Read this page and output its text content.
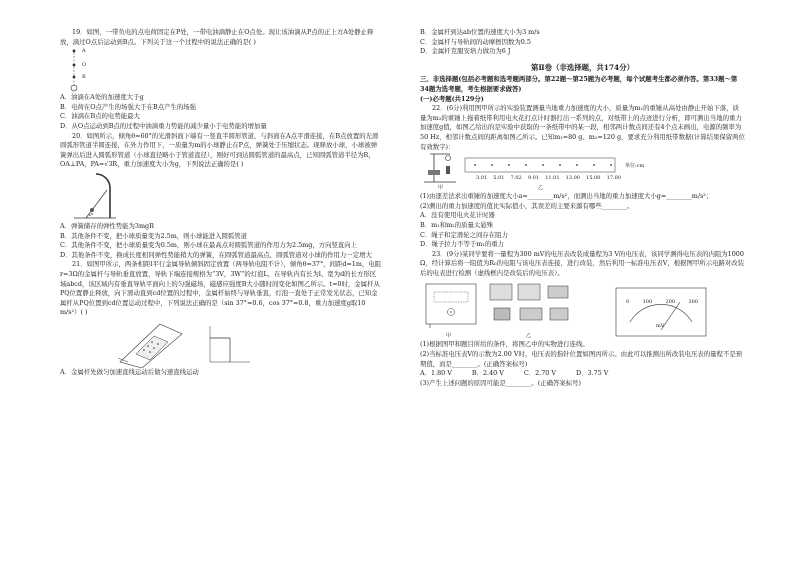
19．如图，一带负电的点电荷固定在P处，一带电油滴静止在O点处。现让该油滴从P点的正上方A处静止释放，滴过O点后运动到B点。下列关于这一个过程中的说法正确的是( )

–
A
O
B

A．油滴在A处的加速度大于g

B．电荷在O点产生的场强大于在B点产生的场强

C．油滴在B点的电势能最大

D．从O点运动到B点的过程中油滴重力势能的减少量小于电势能的增加量

20．如图所示，倾角θ=60°的光滑斜面下端有一竖直半圆形管道，与斜面在A点平滑连接，在B点放置的光滑圆弧形管道半圆连接，在外力作用下，一质量为m的小球静止在P点，弹簧处于压缩状态。现释放小球，小球被弹簧弹出后进入圆弧形管道（小球直径略小于管道直径），刚好可到达圆弧管道的最高点，已知圆弧管道半径为R，OA⊥PA，PA=√3R，重力加速度大小为g，下列说法正确的是( )

A．弹簧储存的弹性势能为3mgR

B．其他条件不变，把小球质量变为2.5m，则小球能进入圆弧管道

C．其他条件不变，把小球质量变为0.5m，则小球在最高点对圆弧管道的作用力为2.5mg，方向竖直向上

D．其他条件不变，换成长度相同弹性势能稍大的弹簧，在圆弧管道最高点，圆弧管道对小球的作用力一定增大

21．如图甲所示，两条相距l平行金属导轨倾斜固定放置（两导轨电阻不计），倾角θ=37°，间距d=1m，电阻r=3Ω的金属杆与导轨垂直放置，导轨下端连接规格为“3V，3W”的灯泡L，在导轨内有长为l、宽为d的长方形区域abcd，该区域内有垂直导轨平面向上的匀强磁场，磁感应强度B大小随时间变化如图乙所示。t=0时，金属杆从PQ位置静止释放，向下滑动直到cd位置的过程中，金属杆始终与导轨垂直，灯泡一直处于正常发光状态，已知金属杆从PQ位置到cd位置运动过程中，下列说法正确的是（sin 37°=0.6，cos 37°=0.8，重力加速度g取10 m/s²）( )

A．金属杆先做匀加速直线运动后做匀速直线运动

B．金属杆到达ab位置的速度大小为3 m/s

C．金属杆与导轨间的动摩擦因数为0.5

D．金属杆克服安培力做功为6 J

第Ⅱ卷（非选择题，共174分）

三、非选择题(包括必考题和选考题两部分。第22题～第25题为必考题，每个试题考生都必须作答。第33题～第34题为选考题，考生根据要求做答)

(一)必考题(共129分)

22．(6分)利用图甲所示的实验装置测量当地重力加速度的大小，质量为m₁的重锤从高处由静止开始下落，质量为m₂的重锤上拖着纸带利用电火花打点计时器打出一系列的点，对纸带上的点迹进行分析，即可测出当地的重力加速度g值，如图乙给出的是实验中获取的一条纸带中的某一段，相邻两计数点间还有4个点未画出，电源的频率为50 Hz，相邻计数点间的距离如图乙所示。已知m₁=80 g、m₂=120 g，要求充分利用纸带数据(计算结果保留两位有效数字)：

3.01 5.01 7.02 9.01 11.01 13.00 15.00 17.00
单位:cm
甲	乙

(1)由逐差法求出重锤的加速度大小a=________m/s²，而测出当地的重力加速度大小g=________m/s²；

(2)测出的重力加速度的值比实际值小，其误差的主要来源有哪些________。

A．没有使用电火花计时器

B．m₁和m₂的质量太悬殊

C．绳子和定滑轮之间存在阻力

D．绳子拉力不等于m₁的重力

23．(9分)某同学要将一量程为300 mV的电压表改装成量程为3 V的电压表，该同学测得电压表的内阻为1000 Ω，经计算后将一阻值为R₀的电阻与该电压表连接，进行改装，然后利用一标准电压表V，根据图甲所示电路对改装后的电表进行检测（虚线框内是改装后的电压表）。

V
0	100	200	300
mV
甲	乙

(1)根据图甲和题目所给的条件，将图乙中的实物进行连线。

(2)当标准电压表V的示数为2.00 V时，电压表的指针位置如图丙所示。由此可以推测出所改装电压表的量程不是预期值，而是________。(正确答案标号)

A．1.80 V	B．2.40 V	C．2.70 V	D．3.75 V

(3)产生上述问题的原因可能是________。(正确答案标号)
